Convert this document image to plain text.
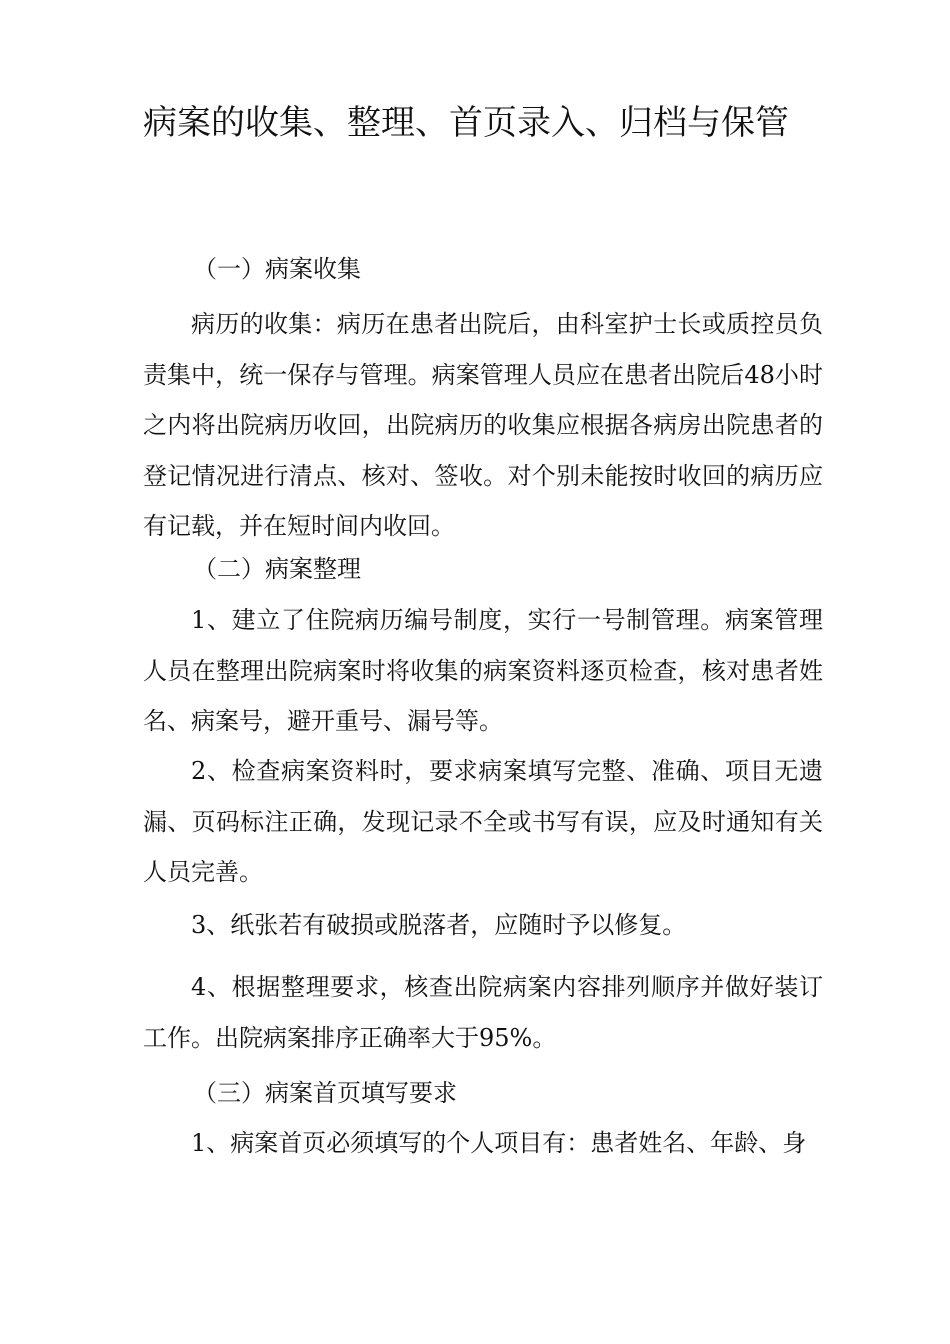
病案的收集、整理、首页录入、归档与保管
（一）病案收集

病历的收集：病历在患者出院后，由科室护士长或质控员负责集中，统一保存与管理。病案管理人员应在患者出院后48小时之内将出院病历收回，出院病历的收集应根据各病房出院患者的登记情况进行清点、核对、签收。对个别未能按时收回的病历应有记载，并在短时间内收回。

（二）病案整理

1、建立了住院病历编号制度，实行一号制管理。病案管理人员在整理出院病案时将收集的病案资料逐页检查，核对患者姓名、病案号，避开重号、漏号等。

2、检查病案资料时，要求病案填写完整、准确、项目无遗漏、页码标注正确，发现记录不全或书写有误，应及时通知有关人员完善。

3、纸张若有破损或脱落者，应随时予以修复。

4、根据整理要求，核查出院病案内容排列顺序并做好装订工作。出院病案排序正确率大于95%。

（三）病案首页填写要求

1、病案首页必须填写的个人项目有：患者姓名、年龄、身
